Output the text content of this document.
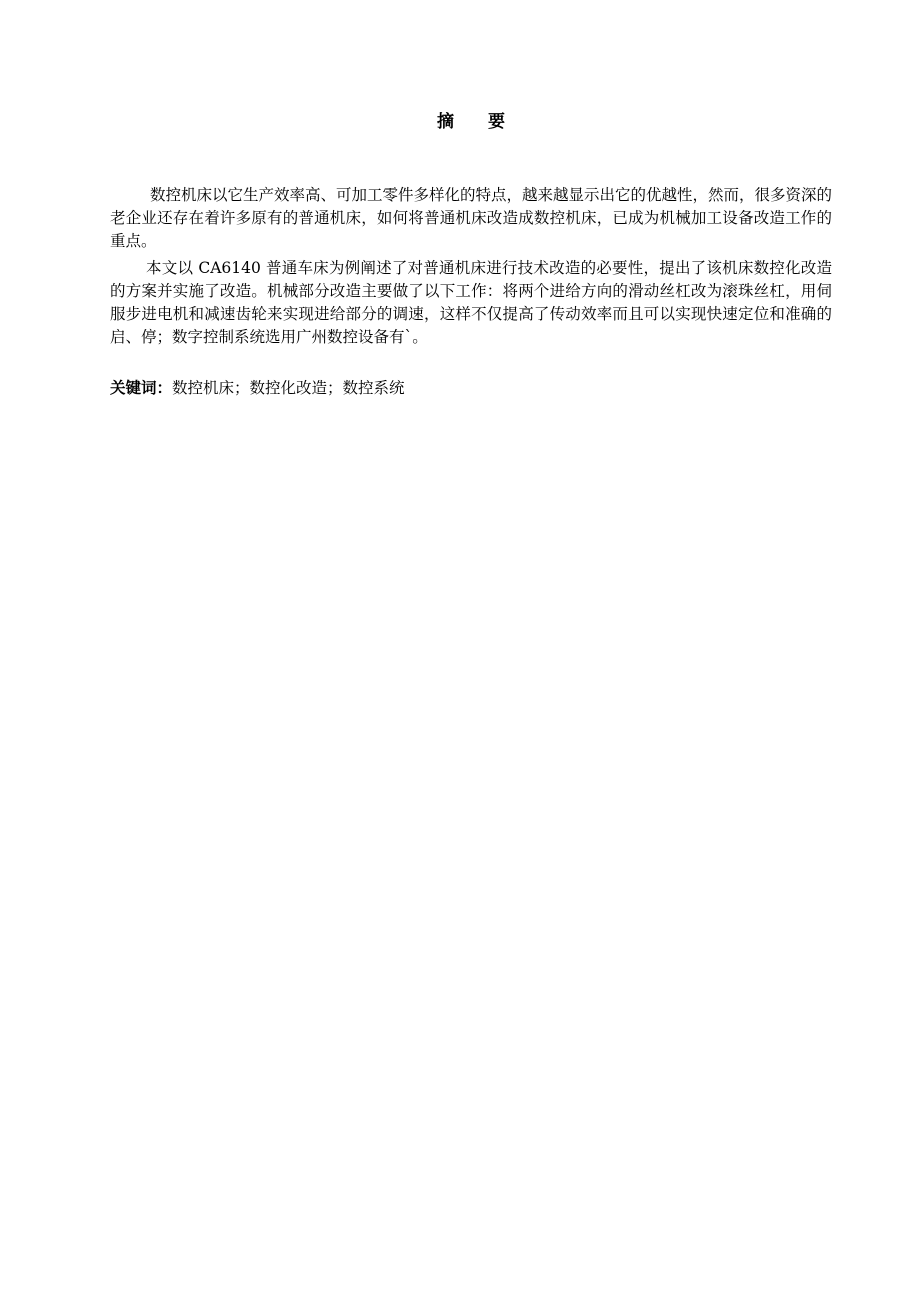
摘 要

数控机床以它生产效率高、可加工零件多样化的特点，越来越显示出它的优越性，然而，很多资深的老企业还存在着许多原有的普通机床，如何将普通机床改造成数控机床，已成为机械加工设备改造工作的重点。

本文以 CA6140 普通车床为例阐述了对普通机床进行技术改造的必要性，提出了该机床数控化改造的方案并实施了改造。机械部分改造主要做了以下工作：将两个进给方向的滑动丝杠改为滚珠丝杠，用伺服步进电机和减速齿轮来实现进给部分的调速，这样不仅提高了传动效率而且可以实现快速定位和准确的启、停；数字控制系统选用广州数控设备有`。

关键词：数控机床；数控化改造；数控系统
